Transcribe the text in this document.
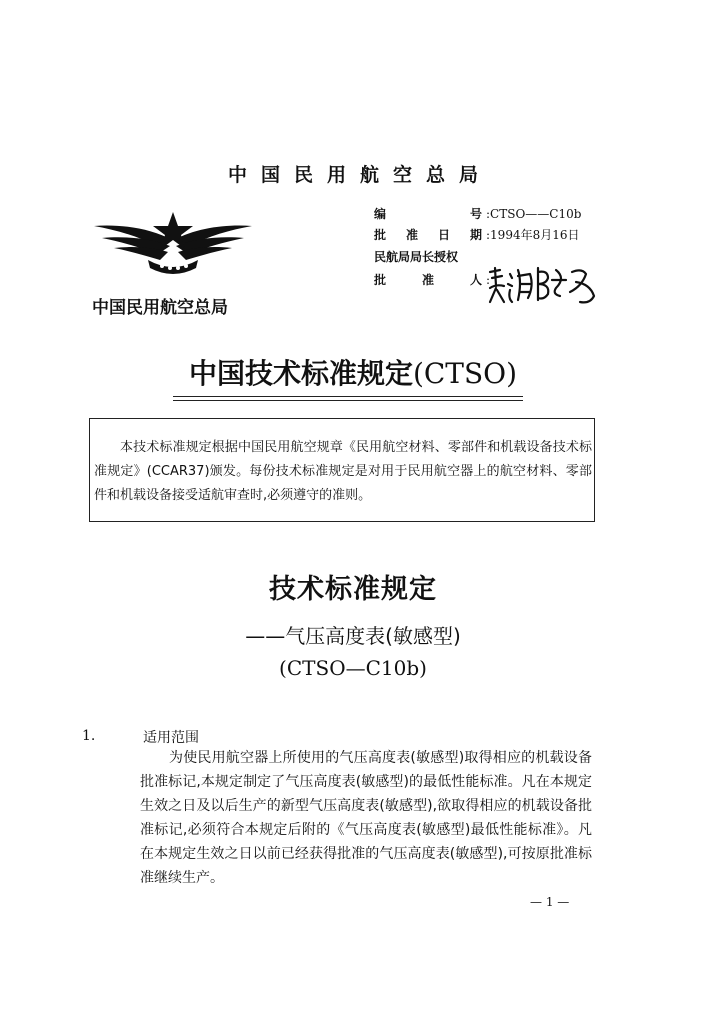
中国民用航空总局
中国民用航空总局
编 号 :CTSO——C10b
批 准 日 期 :1994年8月16日
民航局局长授权
批 准 人 :
中国技术标准规定(CTSO)
本技术标准规定根据中国民用航空规章《民用航空材料、零部件和机载设备技术标准规定》(CCAR37)颁发。每份技术标准规定是对用于民用航空器上的航空材料、零部件和机载设备接受适航审查时,必须遵守的准则。
技术标准规定
——气压高度表(敏感型)
(CTSO—C10b)
1.	适用范围
为使民用航空器上所使用的气压高度表(敏感型)取得相应的机载设备批准标记,本规定制定了气压高度表(敏感型)的最低性能标准。凡在本规定生效之日及以后生产的新型气压高度表(敏感型),欲取得相应的机载设备批准标记,必须符合本规定后附的《气压高度表(敏感型)最低性能标准》。凡在本规定生效之日以前已经获得批准的气压高度表(敏感型),可按原批准标准继续生产。
— 1 —
